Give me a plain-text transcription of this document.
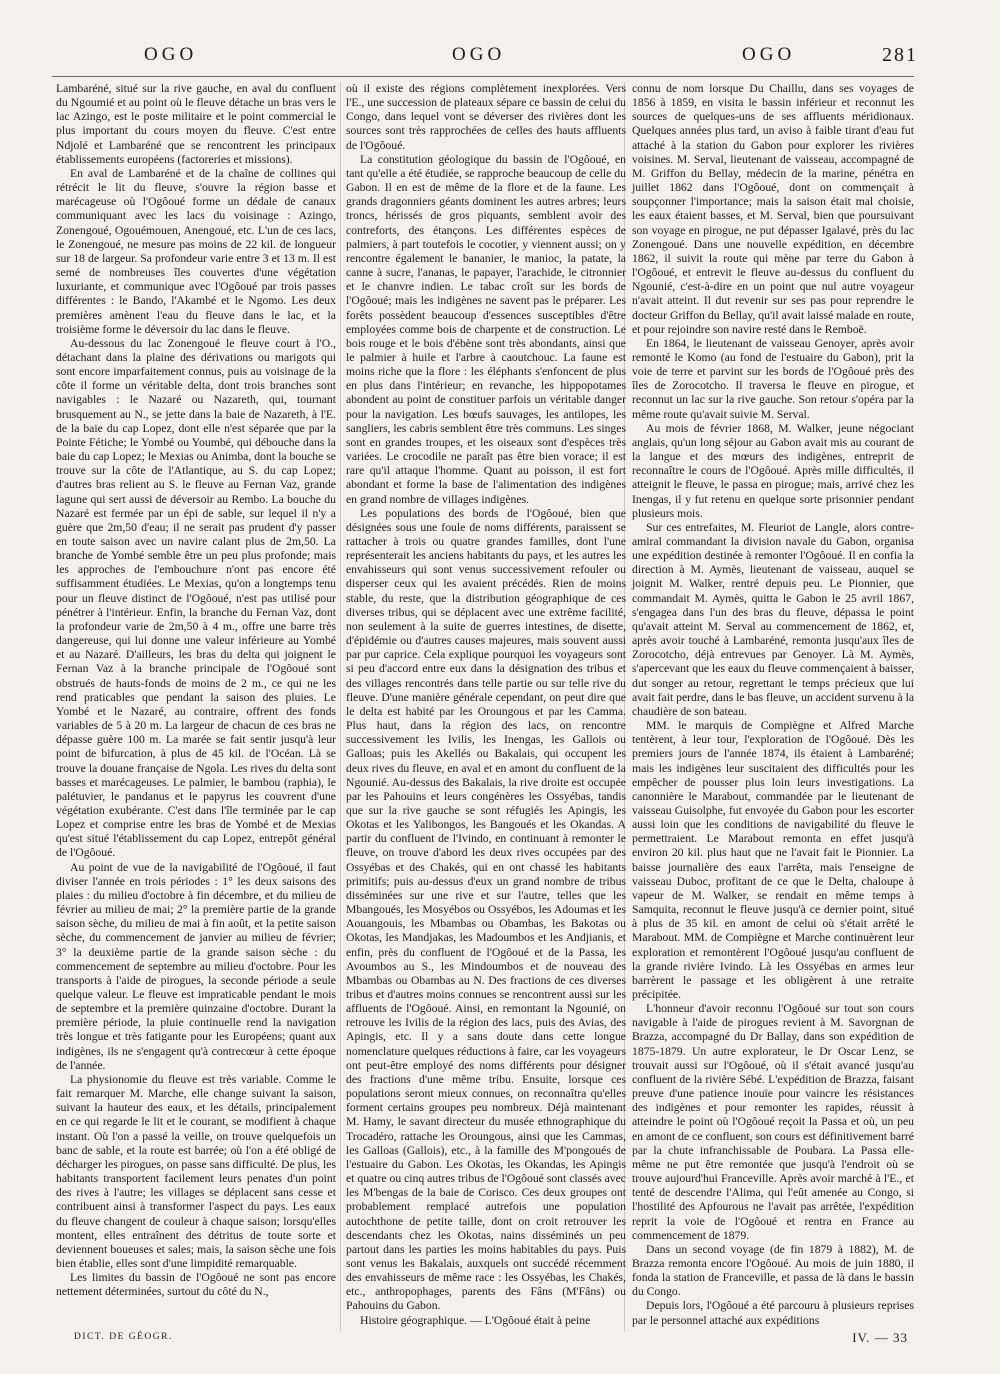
OGO	OGO	OGO	281

Lambaréné, situé sur la rive gauche, en aval du confluent du Ngoumié et au point où le fleuve détache un bras vers le lac Azingo, est le poste militaire et le point commercial le plus important du cours moyen du fleuve. C'est entre Ndjolé et Lambaréné que se rencontrent les principaux établissements européens (factoreries et missions).

En aval de Lambaréné et de la chaîne de collines qui rétrécit le lit du fleuve, s'ouvre la région basse et marécageuse où l'Ogôoué forme un dédale de canaux communiquant avec les lacs du voisinage : Azingo, Zonengoué, Ogouémouen, Anengoué, etc. L'un de ces lacs, le Zonengoué, ne mesure pas moins de 22 kil. de longueur sur 18 de largeur. Sa profondeur varie entre 3 et 13 m. Il est semé de nombreuses îles couvertes d'une végétation luxuriante, et communique avec l'Ogôoué par trois passes différentes : le Bando, l'Akambé et le Ngomo. Les deux premières amènent l'eau du fleuve dans le lac, et la troisième forme le déversoir du lac dans le fleuve.

Au-dessous du lac Zonengoué le fleuve court à l'O., détachant dans la plaine des dérivations ou marigots qui sont encore imparfaitement connus, puis au voisinage de la côte il forme un véritable delta, dont trois branches sont navigables : le Nazaré ou Nazareth, qui, tournant brusquement au N., se jette dans la baie de Nazareth, à l'E. de la baie du cap Lopez, dont elle n'est séparée que par la Pointe Fétiche; le Yombé ou Youmbé, qui débouche dans la baie du cap Lopez; le Mexias ou Animba, dont la bouche se trouve sur la côte de l'Atlantique, au S. du cap Lopez; d'autres bras relient au S. le fleuve au Fernan Vaz, grande lagune qui sert aussi de déversoir au Rembo. La bouche du Nazaré est fermée par un épi de sable, sur lequel il n'y a guère que 2m,50 d'eau; il ne serait pas prudent d'y passer en toute saison avec un navire calant plus de 2m,50. La branche de Yombé semble être un peu plus profonde; mais les approches de l'embouchure n'ont pas encore été suffisamment étudiées. Le Mexias, qu'on a longtemps tenu pour un fleuve distinct de l'Ogôoué, n'est pas utilisé pour pénétrer à l'intérieur. Enfin, la branche du Fernan Vaz, dont la profondeur varie de 2m,50 à 4 m., offre une barre très dangereuse, qui lui donne une valeur inférieure au Yombé et au Nazaré. D'ailleurs, les bras du delta qui joignent le Fernan Vaz à la branche principale de l'Ogôoué sont obstrués de hauts-fonds de moins de 2 m., ce qui ne les rend praticables que pendant la saison des pluies. Le Yombé et le Nazaré, au contraire, offrent des fonds variables de 5 à 20 m. La largeur de chacun de ces bras ne dépasse guère 100 m. La marée se fait sentir jusqu'à leur point de bifurcation, à plus de 45 kil. de l'Océan. Là se trouve la douane française de Ngola. Les rives du delta sont basses et marécageuses. Le palmier, le bambou (raphia), le palétuvier, le pandanus et le papyrus les couvrent d'une végétation exubérante. C'est dans l'île terminée par le cap Lopez et comprise entre les bras de Yombé et de Mexias qu'est situé l'établissement du cap Lopez, entrepôt général de l'Ogôoué.

Au point de vue de la navigabilité de l'Ogôoué, il faut diviser l'année en trois périodes : 1° les deux saisons des plaies : du milieu d'octobre à fin décembre, et du milieu de février au milieu de mai; 2° la première partie de la grande saison sèche, du milieu de mai à fin août, et la petite saison sèche, du commencement de janvier au milieu de février; 3° la deuxième partie de la grande saison sèche : du commencement de septembre au milieu d'octobre. Pour les transports à l'aide de pirogues, la seconde période a seule quelque valeur. Le fleuve est impraticable pendant le mois de septembre et la première quinzaine d'octobre. Durant la première période, la pluie continuelle rend la navigation très longue et très fatigante pour les Européens; quant aux indigènes, ils ne s'engagent qu'à contrecœur à cette époque de l'année.

La physionomie du fleuve est très variable. Comme le fait remarquer M. Marche, elle change suivant la saison, suivant la hauteur des eaux, et les détails, principalement en ce qui regarde le lit et le courant, se modifient à chaque instant. Où l'on a passé la veille, on trouve quelquefois un banc de sable, et la route est barrée; où l'on a été obligé de décharger les pirogues, on passe sans difficulté. De plus, les habitants transportent facilement leurs penates d'un point des rives à l'autre; les villages se déplacent sans cesse et contribuent ainsi à transformer l'aspect du pays. Les eaux du fleuve changent de couleur à chaque saison; lorsqu'elles montent, elles entraînent des détritus de toute sorte et deviennent boueuses et sales; mais, la saison sèche une fois bien établie, elles sont d'une limpidité remarquable.

Les limites du bassin de l'Ogôoué ne sont pas encore nettement déterminées, surtout du côté du N.,

où il existe des régions complètement inexplorées. Vers l'E., une succession de plateaux sépare ce bassin de celui du Congo, dans lequel vont se déverser des rivières dont les sources sont très rapprochées de celles des hauts affluents de l'Ogôoué.

La constitution géologique du bassin de l'Ogôoué, en tant qu'elle a été étudiée, se rapproche beaucoup de celle du Gabon. Il en est de même de la flore et de la faune. Les grands dragonniers géants dominent les autres arbres; leurs troncs, hérissés de gros piquants, semblent avoir des contreforts, des étançons. Les différentes espèces de palmiers, à part toutefois le cocotier, y viennent aussi; on y rencontre également le bananier, le manioc, la patate, la canne à sucre, l'ananas, le papayer, l'arachide, le citronnier et le chanvre indien. Le tabac croît sur les bords de l'Ogôoué; mais les indigènes ne savent pas le préparer. Les forêts possèdent beaucoup d'essences susceptibles d'être employées comme bois de charpente et de construction. Le bois rouge et le bois d'ébène sont très abondants, ainsi que le palmier à huile et l'arbre à caoutchouc. La faune est moins riche que la flore : les éléphants s'enfoncent de plus en plus dans l'intérieur; en revanche, les hippopotames abondent au point de constituer parfois un véritable danger pour la navigation. Les bœufs sauvages, les antilopes, les sangliers, les cabris semblent être très communs. Les singes sont en grandes troupes, et les oiseaux sont d'espèces très variées. Le crocodile ne paraît pas être bien vorace; il est rare qu'il attaque l'homme. Quant au poisson, il est fort abondant et forme la base de l'alimentation des indigènes en grand nombre de villages indigènes.

Les populations des bords de l'Ogôoué, bien que désignées sous une foule de noms différents, paraissent se rattacher à trois ou quatre grandes familles, dont l'une représenterait les anciens habitants du pays, et les autres les envahisseurs qui sont venus successivement refouler ou disperser ceux qui les avaient précédés. Rien de moins stable, du reste, que la distribution géographique de ces diverses tribus, qui se déplacent avec une extrême facilité, non seulement à la suite de guerres intestines, de disette, d'épidémie ou d'autres causes majeures, mais souvent aussi par pur caprice. Cela explique pourquoi les voyageurs sont si peu d'accord entre eux dans la désignation des tribus et des villages rencontrés dans telle partie ou sur telle rive du fleuve. D'une manière générale cependant, on peut dire que le delta est habité par les Oroungous et par les Camma. Plus haut, dans la région des lacs, on rencontre successivement les Ivilis, les Inengas, les Gallois ou Galloas; puis les Akellés ou Bakalais, qui occupent les deux rives du fleuve, en aval et en amont du confluent de la Ngounié. Au-dessus des Bakalais, la rive droite est occupée par les Pahouins et leurs congénères les Ossyébas, tandis que sur la rive gauche se sont réfugiés les Apingis, les Okotas et les Yalibongos, les Bangoués et les Okandas. A partir du confluent de l'Ivindo, en continuant à remonter le fleuve, on trouve d'abord les deux rives occupées par des Ossyébas et des Chakés, qui en ont chassé les habitants primitifs; puis au-dessus d'eux un grand nombre de tribus disséminées sur une rive et sur l'autre, telles que les Mbangoués, les Mosyébos ou Ossyébos, les Adoumas et les Aouangouis, les Mbambas ou Obambas, les Bakotas ou Okotas, les Mandjakas, les Madoumbos et les Andjianis, et enfin, près du confluent de l'Ogôoué et de la Passa, les Avoumbos au S., les Mindoumbos et de nouveau des Mbambas ou Obambas au N. Des fractions de ces diverses tribus et d'autres moins connues se rencontrent aussi sur les affluents de l'Ogôoué. Ainsi, en remontant la Ngounié, on retrouve les Ivilis de la région des lacs, puis des Avias, des Apingis, etc. Il y a sans doute dans cette longue nomenclature quelques réductions à faire, car les voyageurs ont peut-être employé des noms différents pour désigner des fractions d'une même tribu. Ensuite, lorsque ces populations seront mieux connues, on reconnaîtra qu'elles forment certains groupes peu nombreux. Déjà maintenant M. Hamy, le savant directeur du musée ethnographique du Trocadéro, rattache les Oroungous, ainsi que les Cammas, les Galloas (Gallois), etc., à la famille des M'pongoués de l'estuaire du Gabon. Les Okotas, les Okandas, les Apingis et quatre ou cinq autres tribus de l'Ogôoué sont classés avec les M'bengas de la baie de Corisco. Ces deux groupes ont probablement remplacé autrefois une population autochthone de petite taille, dont on croit retrouver les descendants chez les Okotas, nains disséminés un peu partout dans les parties les moins habitables du pays. Puis sont venus les Bakalais, auxquels ont succédé récemment des envahisseurs de même race : les Ossyébas, les Chakés, etc., anthropophages, parents des Fâns (M'Fâns) ou Pahouins du Gabon.

Histoire géographique. — L'Ogôoué était à peine

connu de nom lorsque Du Chaillu, dans ses voyages de 1856 à 1859, en visita le bassin inférieur et reconnut les sources de quelques-uns de ses affluents méridionaux. Quelques années plus tard, un aviso à faible tirant d'eau fut attaché à la station du Gabon pour explorer les rivières voisines. M. Serval, lieutenant de vaisseau, accompagné de M. Griffon du Bellay, médecin de la marine, pénétra en juillet 1862 dans l'Ogôoué, dont on commençait à soupçonner l'importance; mais la saison était mal choisie, les eaux étaient basses, et M. Serval, bien que poursuivant son voyage en pirogue, ne put dépasser Igalavé, près du lac Zonengoué. Dans une nouvelle expédition, en décembre 1862, il suivit la route qui mène par terre du Gabon à l'Ogôoué, et entrevit le fleuve au-dessus du confluent du Ngounié, c'est-à-dire en un point que nul autre voyageur n'avait atteint. Il dut revenir sur ses pas pour reprendre le docteur Griffon du Bellay, qu'il avait laissé malade en route, et pour rejoindre son navire resté dans le Remboë.

En 1864, le lieutenant de vaisseau Genoyer, après avoir remonté le Komo (au fond de l'estuaire du Gabon), prit la voie de terre et parvint sur les bords de l'Ogôoué près des îles de Zorocotcho. Il traversa le fleuve en pirogue, et reconnut un lac sur la rive gauche. Son retour s'opéra par la même route qu'avait suivie M. Serval.

Au mois de février 1868, M. Walker, jeune négociant anglais, qu'un long séjour au Gabon avait mis au courant de la langue et des mœurs des indigènes, entreprit de reconnaître le cours de l'Ogôoué. Après mille difficultés, il atteignit le fleuve, le passa en pirogue; mais, arrivé chez les Inengas, il y fut retenu en quelque sorte prisonnier pendant plusieurs mois.

Sur ces entrefaites, M. Fleuriot de Langle, alors contre-amiral commandant la division navale du Gabon, organisa une expédition destinée à remonter l'Ogôoué. Il en confia la direction à M. Aymès, lieutenant de vaisseau, auquel se joignit M. Walker, rentré depuis peu. Le Pionnier, que commandait M. Aymès, quitta le Gabon le 25 avril 1867, s'engagea dans l'un des bras du fleuve, dépassa le point qu'avait atteint M. Serval au commencement de 1862, et, après avoir touché à Lambaréné, remonta jusqu'aux îles de Zorocotcho, déjà entrevues par Genoyer. Là M. Aymès, s'apercevant que les eaux du fleuve commençaient à baisser, dut songer au retour, regrettant le temps précieux que lui avait fait perdre, dans le bas fleuve, un accident survenu à la chaudière de son bateau.

MM. le marquis de Compiègne et Alfred Marche tentèrent, à leur tour, l'exploration de l'Ogôoué. Dès les premiers jours de l'année 1874, ils étaient à Lambaréné; mais les indigènes leur suscitaient des difficultés pour les empêcher de pousser plus loin leurs investigations. La canonnière le Marabout, commandée par le lieutenant de vaisseau Guisolphe, fut envoyée du Gabon pour les escorter aussi loin que les conditions de navigabilité du fleuve le permettraient. Le Marabout remonta en effet jusqu'à environ 20 kil. plus haut que ne l'avait fait le Pionnier. La baisse journalière des eaux l'arrêta, mais l'enseigne de vaisseau Duboc, profitant de ce que le Delta, chaloupe à vapeur de M. Walker, se rendait en même temps à Samquita, reconnut le fleuve jusqu'à ce dernier point, situé à plus de 35 kil. en amont de celui où s'était arrêté le Marabout. MM. de Compiègne et Marche continuèrent leur exploration et remontèrent l'Ogôoué jusqu'au confluent de la grande rivière Ivindo. Là les Ossyébas en armes leur barrèrent le passage et les obligèrent à une retraite précipitée.

L'honneur d'avoir reconnu l'Ogôoué sur tout son cours navigable à l'aide de pirogues revient à M. Savorgnan de Brazza, accompagné du Dr Ballay, dans son expédition de 1875-1879. Un autre explorateur, le Dr Oscar Lenz, se trouvait aussi sur l'Ogôoué, où il s'était avancé jusqu'au confluent de la rivière Sébé. L'expédition de Brazza, faisant preuve d'une patience inouïe pour vaincre les résistances des indigènes et pour remonter les rapides, réussit à atteindre le point où l'Ogôoué reçoit la Passa et où, un peu en amont de ce confluent, son cours est définitivement barré par la chute infranchissable de Poubara. La Passa elle-même ne put être remontée que jusqu'à l'endroit où se trouve aujourd'hui Franceville. Après avoir marché à l'E., et tenté de descendre l'Alima, qui l'eût amenée au Congo, si l'hostilité des Apfourous ne l'avait pas arrêtée, l'expédition reprit la voie de l'Ogôoué et rentra en France au commencement de 1879.

Dans un second voyage (de fin 1879 à 1882), M. de Brazza remonta encore l'Ogôoué. Au mois de juin 1880, il fonda la station de Franceville, et passa de là dans le bassin du Congo.

Depuis lors, l'Ogôoué a été parcouru à plusieurs reprises par le personnel attaché aux expéditions

DICT. DE GÉOGR.	IV. — 33
